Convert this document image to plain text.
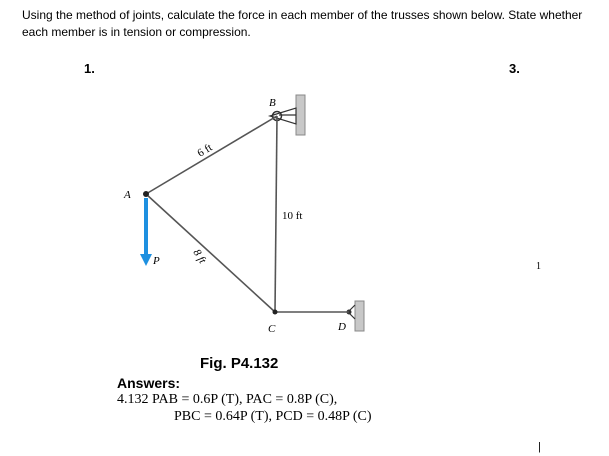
Using the method of joints, calculate the force in each member of the trusses shown below. State whether each member is in tension or compression.
1.	3.
B
A
C	D
P
6 ft
10 ft
8 ft
1
|
Fig. P4.132
Answers:
4.132 PAB = 0.6P (T), PAC = 0.8P (C),
PBC = 0.64P (T), PCD = 0.48P (C)
